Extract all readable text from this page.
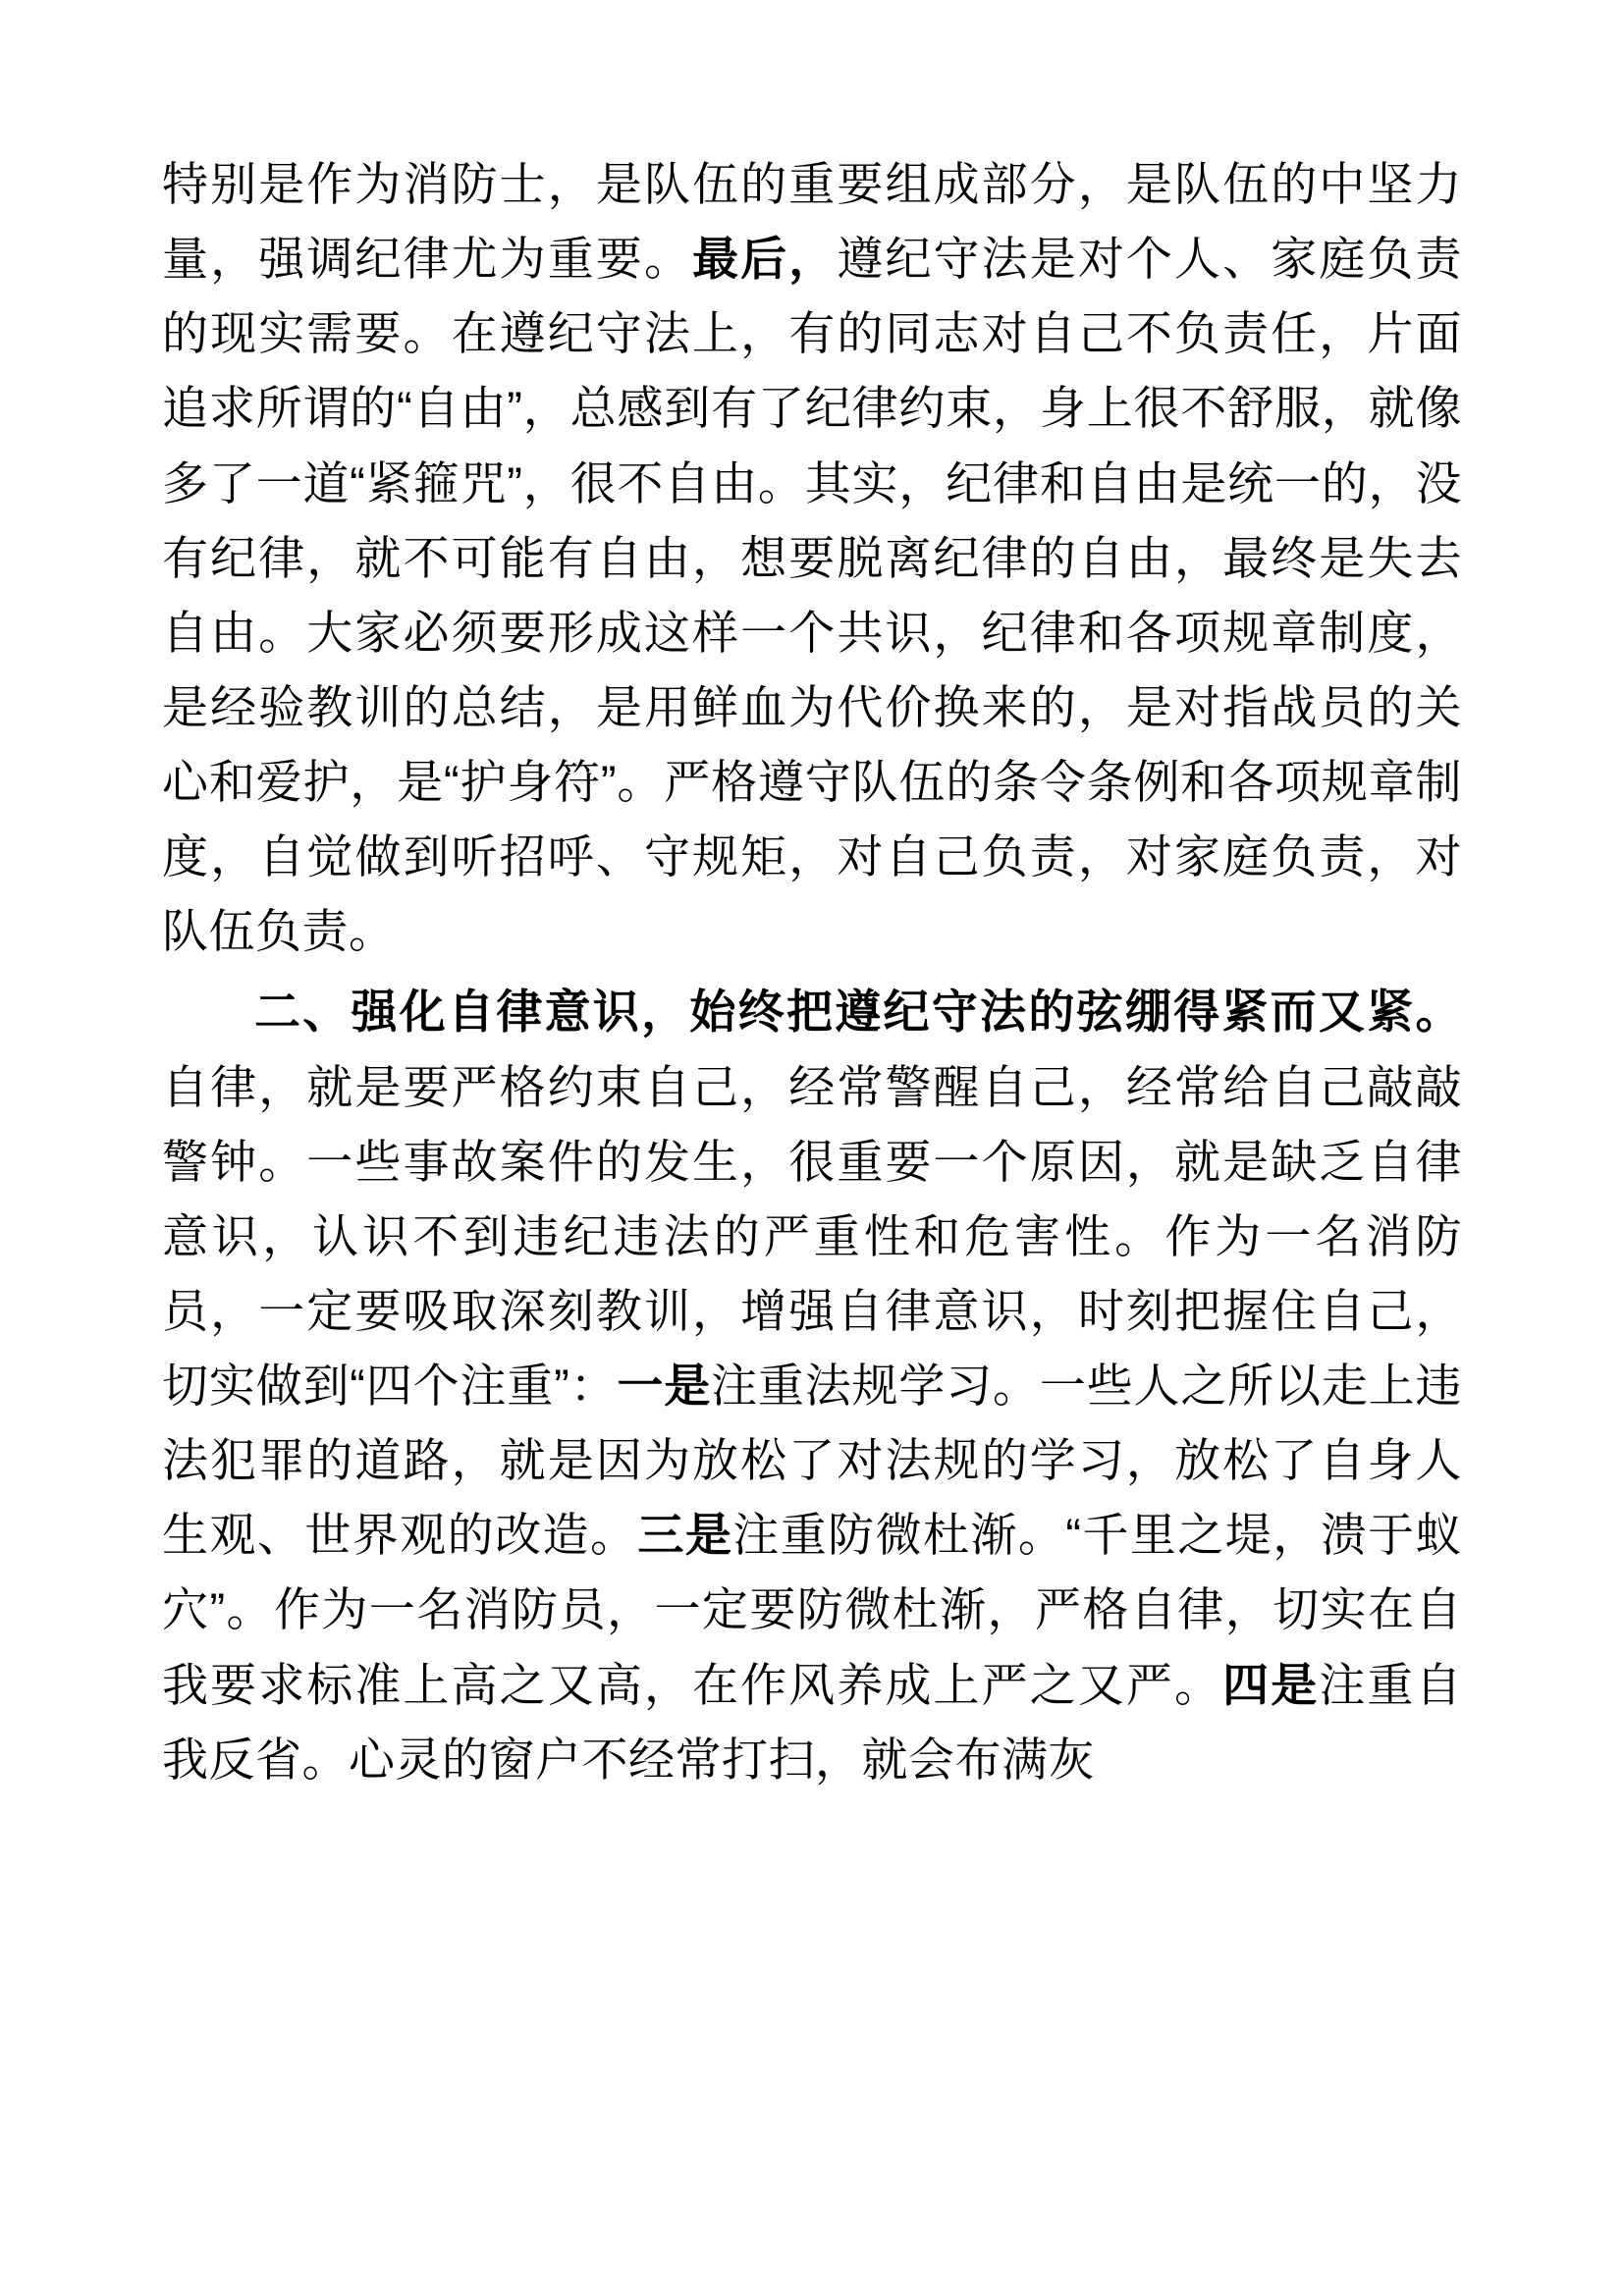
特别是作为消防士，是队伍的重要组成部分，是队伍的中坚力量，强调纪律尤为重要。最后，遵纪守法是对个人、家庭负责的现实需要。在遵纪守法上，有的同志对自己不负责任，片面追求所谓的“自由”，总感到有了纪律约束，身上很不舒服，就像多了一道“紧箍咒”，很不自由。其实，纪律和自由是统一的，没有纪律，就不可能有自由，想要脱离纪律的自由，最终是失去自由。大家必须要形成这样一个共识，纪律和各项规章制度，是经验教训的总结，是用鲜血为代价换来的，是对指战员的关心和爱护，是“护身符”。严格遵守队伍的条令条例和各项规章制度，自觉做到听招呼、守规矩，对自己负责，对家庭负责，对队伍负责。
二、强化自律意识，始终把遵纪守法的弦绷得紧而又紧。自律，就是要严格约束自己，经常警醒自己，经常给自己敲敲警钟。一些事故案件的发生，很重要一个原因，就是缺乏自律意识，认识不到违纪违法的严重性和危害性。作为一名消防员，一定要吸取深刻教训，增强自律意识，时刻把握住自己，切实做到“四个注重”：一是注重法规学习。一些人之所以走上违法犯罪的道路，就是因为放松了对法规的学习，放松了自身人生观、世界观的改造。三是注重防微杜渐。“千里之堤，溃于蚁穴”。作为一名消防员，一定要防微杜渐，严格自律，切实在自我要求标准上高之又高，在作风养成上严之又严。四是注重自我反省。心灵的窗户不经常打扫，就会布满灰
